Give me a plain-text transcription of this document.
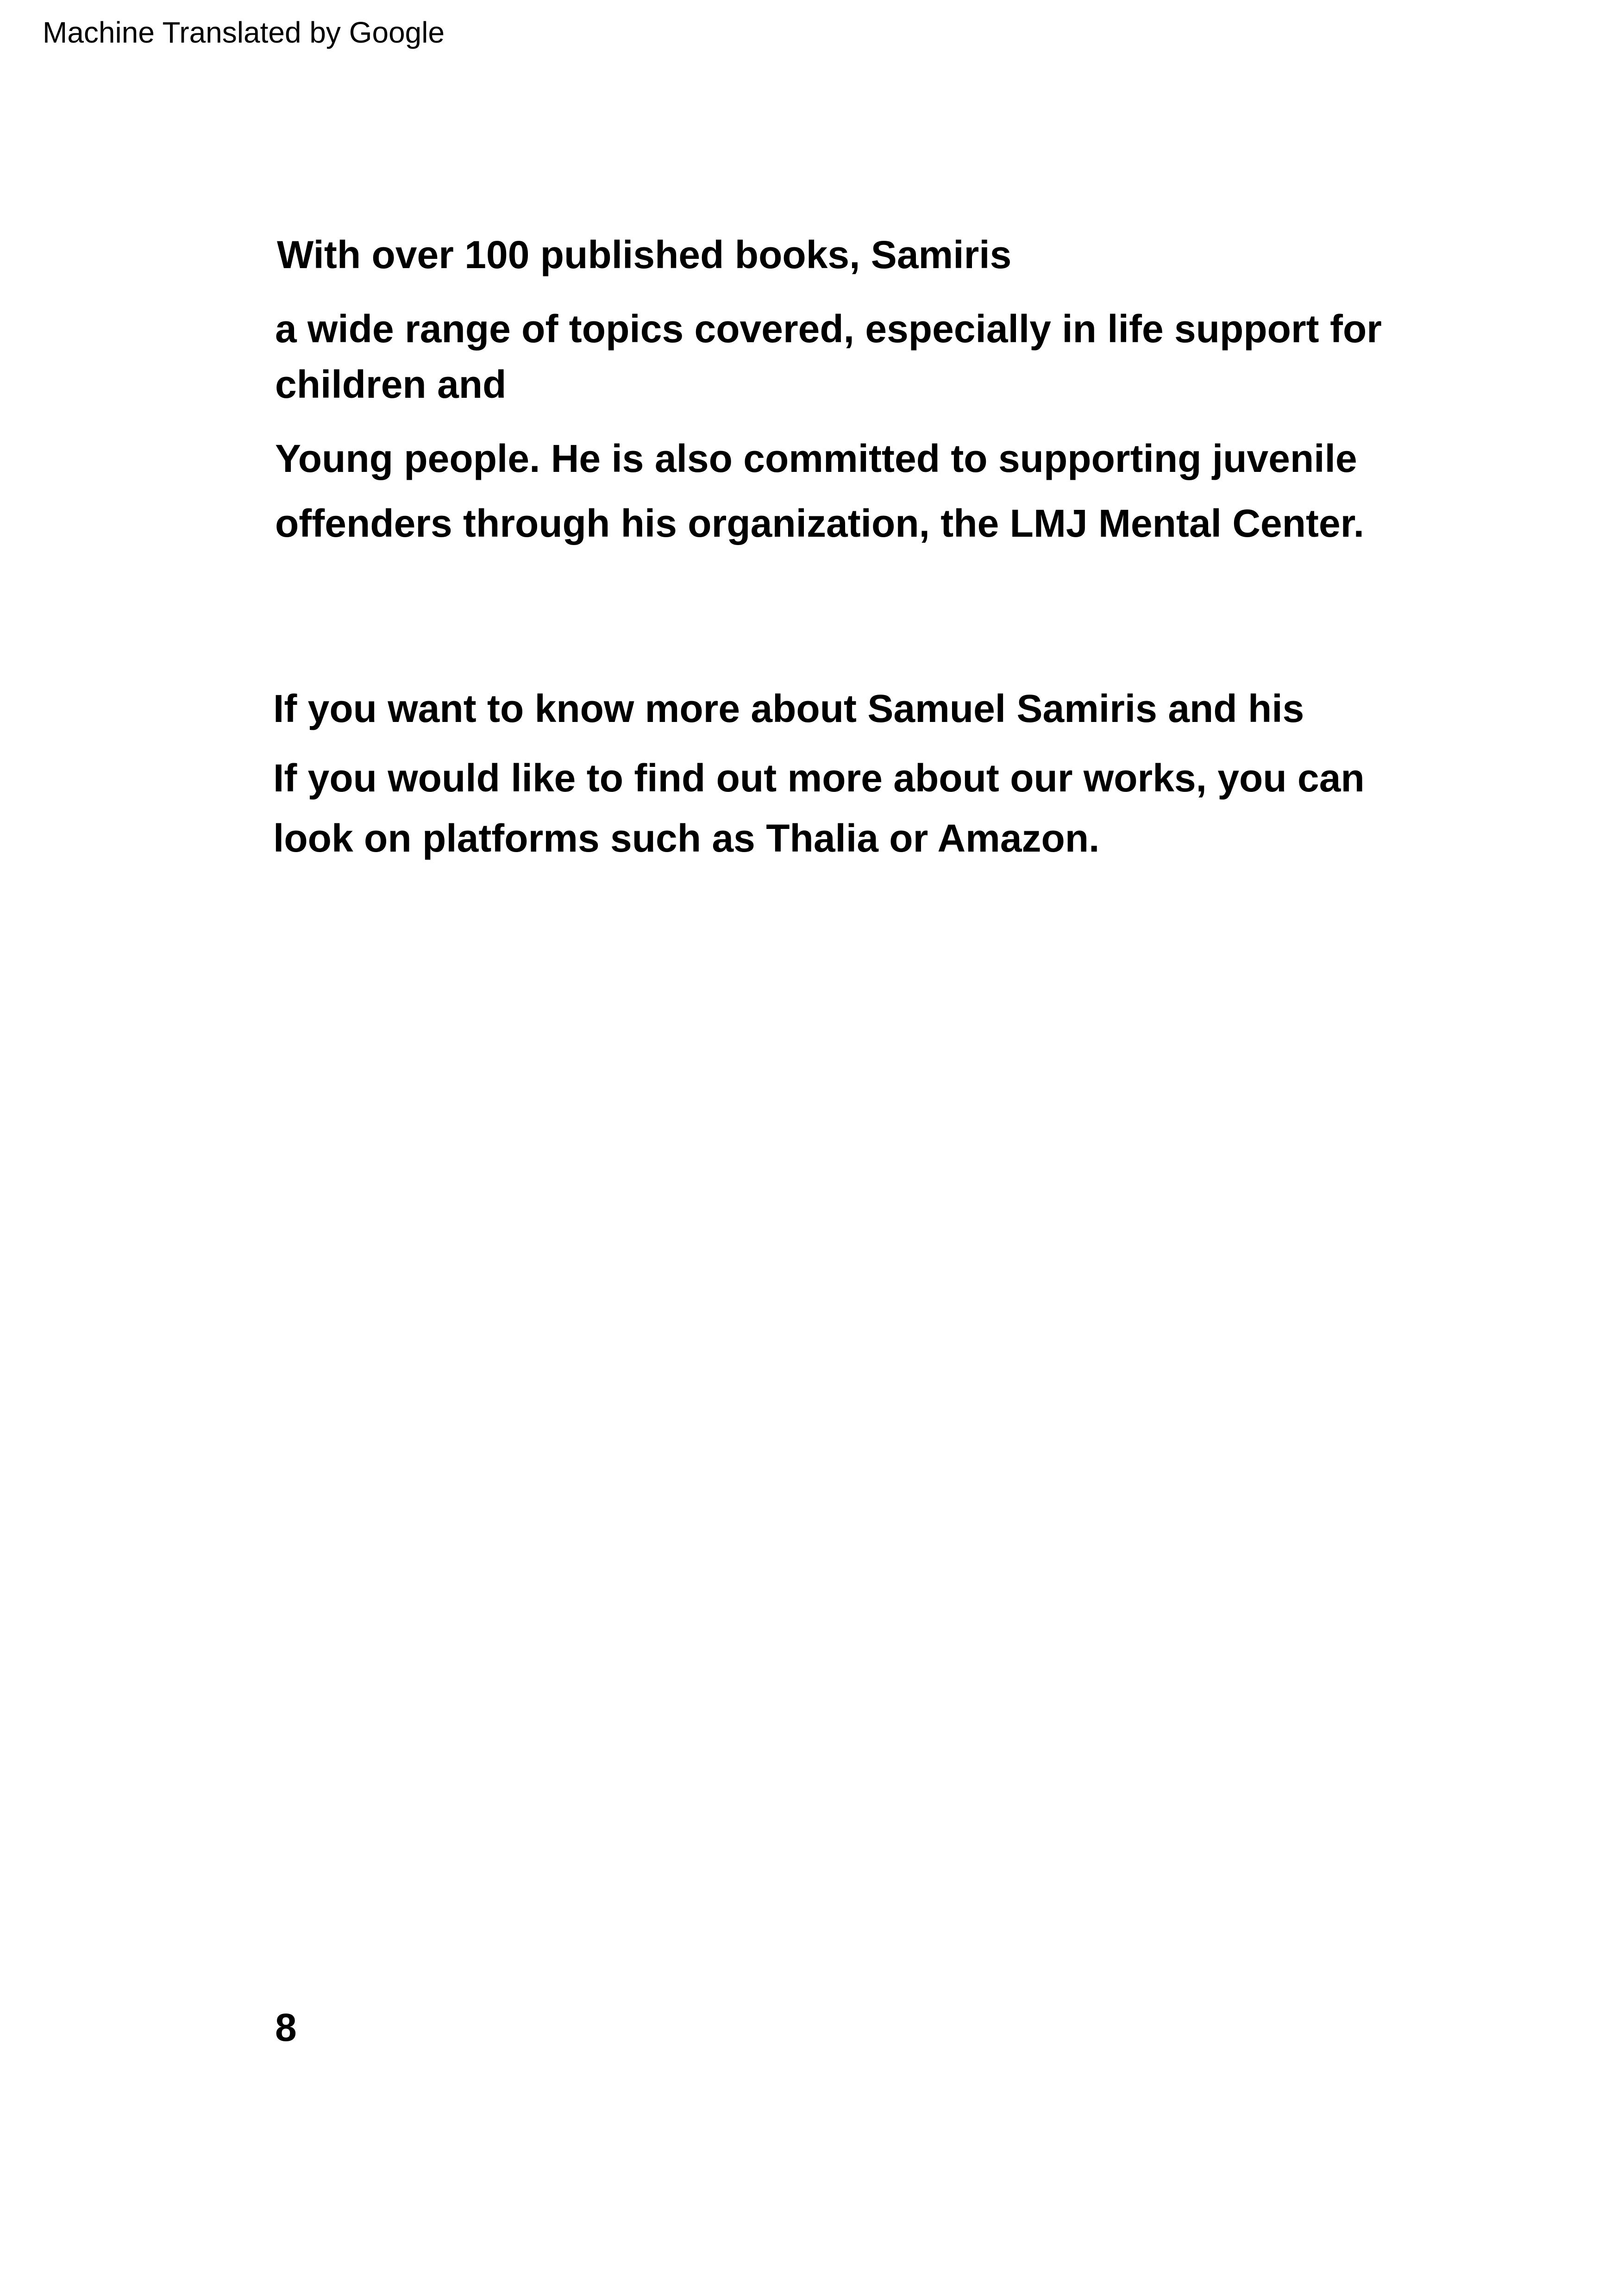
Machine Translated by Google
With over 100 published books, Samiris
a wide range of topics covered, especially in life support for
children and
Young people. He is also committed to supporting juvenile
offenders through his organization, the LMJ Mental Center.
If you want to know more about Samuel Samiris and his
If you would like to find out more about our works, you can
look on platforms such as Thalia or Amazon.
8
